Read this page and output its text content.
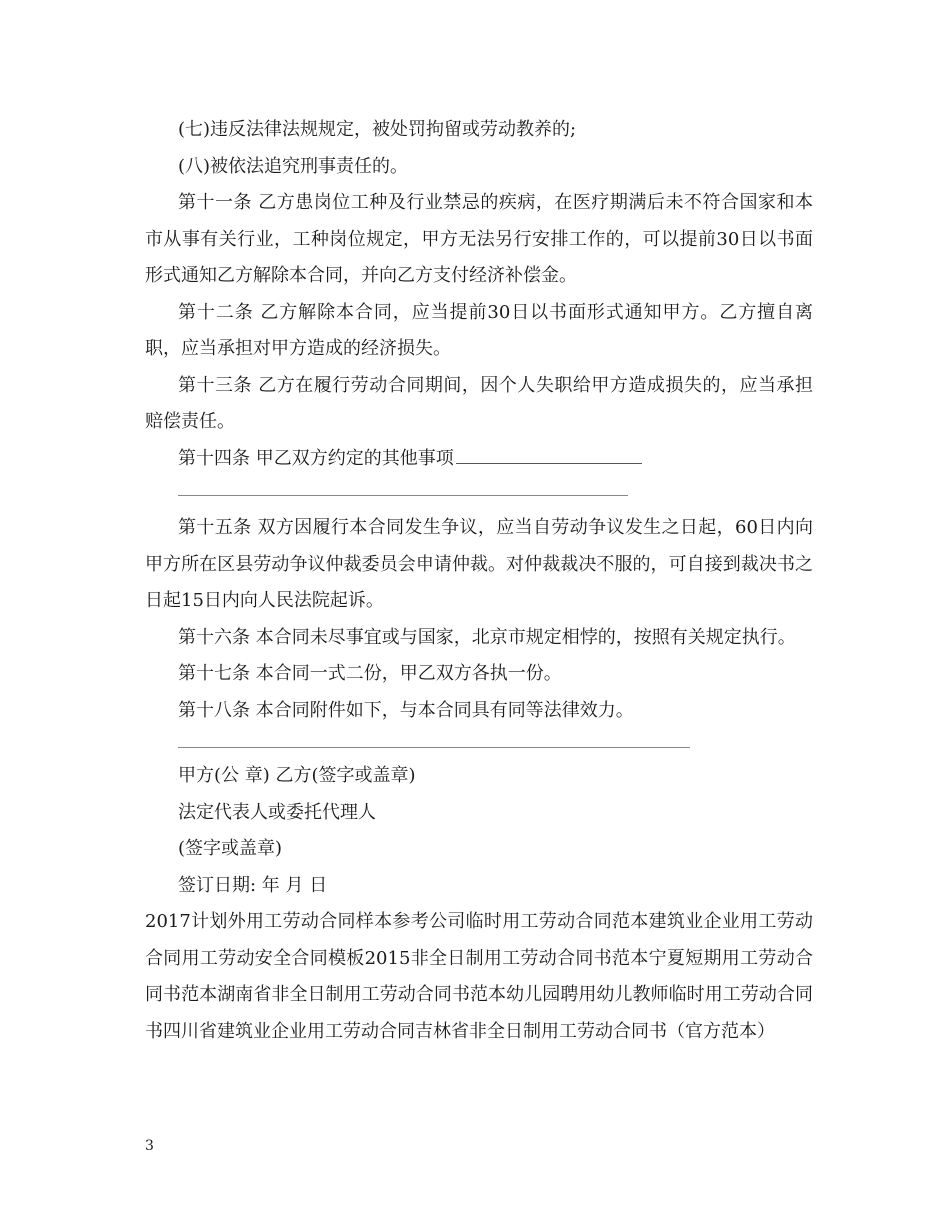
(七)违反法律法规规定，被处罚拘留或劳动教养的;

(八)被依法追究刑事责任的。

第十一条 乙方患岗位工种及行业禁忌的疾病，在医疗期满后未不符合国家和本市从事有关行业，工种岗位规定，甲方无法另行安排工作的，可以提前30日以书面形式通知乙方解除本合同，并向乙方支付经济补偿金。

第十二条 乙方解除本合同，应当提前30日以书面形式通知甲方。乙方擅自离职，应当承担对甲方造成的经济损失。

第十三条 乙方在履行劳动合同期间，因个人失职给甲方造成损失的，应当承担赔偿责任。

第十四条 甲乙双方约定的其他事项

第十五条 双方因履行本合同发生争议，应当自劳动争议发生之日起，60日内向甲方所在区县劳动争议仲裁委员会申请仲裁。对仲裁裁决不服的，可自接到裁决书之日起15日内向人民法院起诉。

第十六条 本合同未尽事宜或与国家，北京市规定相悖的，按照有关规定执行。

第十七条 本合同一式二份，甲乙双方各执一份。

第十八条 本合同附件如下，与本合同具有同等法律效力。

甲方(公 章) 乙方(签字或盖章)

法定代表人或委托代理人

(签字或盖章)

签订日期: 年 月 日

2017计划外用工劳动合同样本参考公司临时用工劳动合同范本建筑业企业用工劳动合同用工劳动安全合同模板2015非全日制用工劳动合同书范本宁夏短期用工劳动合同书范本湖南省非全日制用工劳动合同书范本幼儿园聘用幼儿教师临时用工劳动合同书四川省建筑业企业用工劳动合同吉林省非全日制用工劳动合同书（官方范本）

3
